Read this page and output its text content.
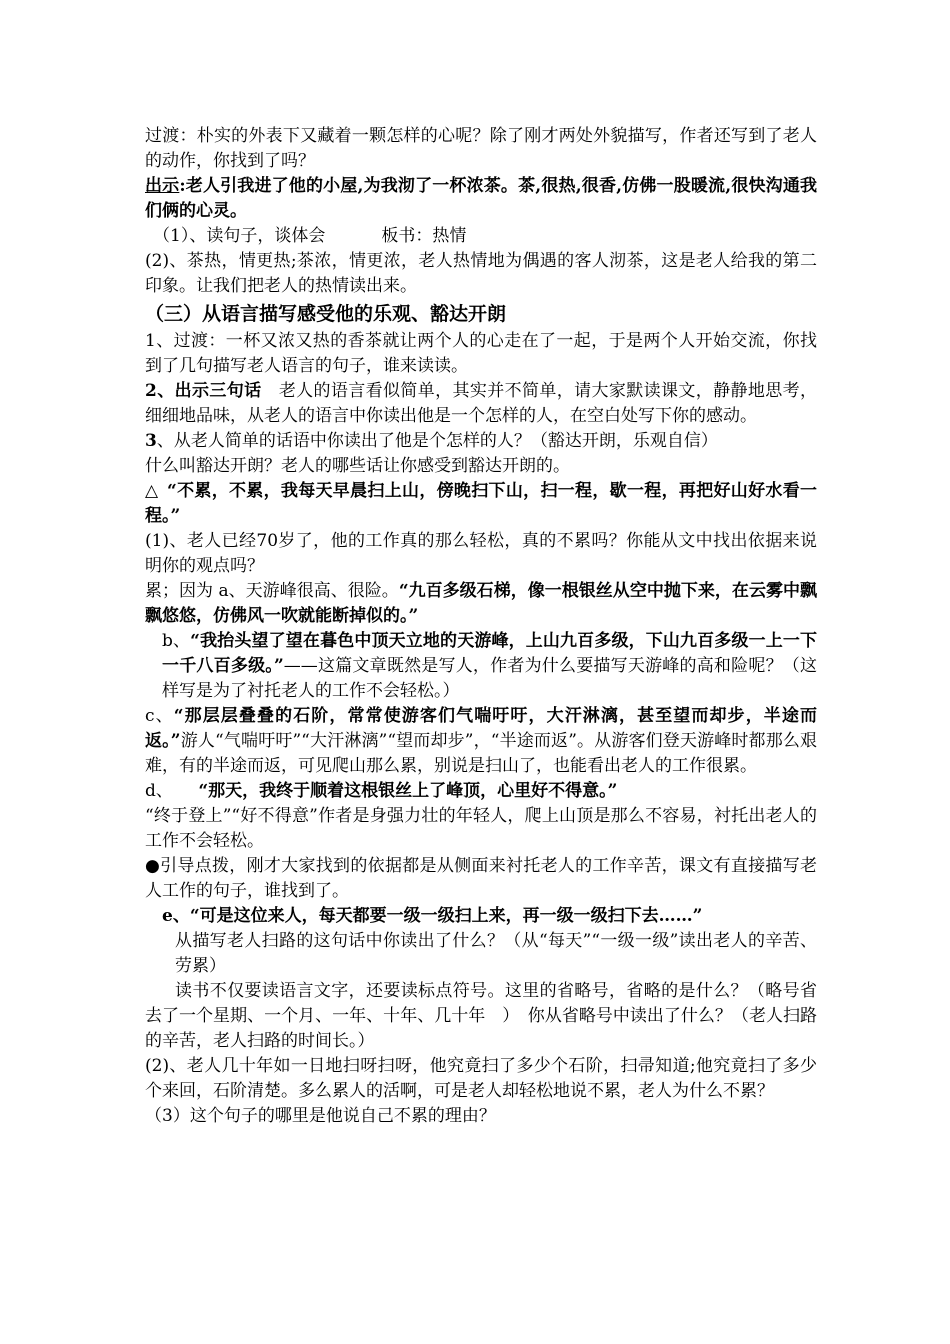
过渡：朴实的外表下又藏着一颗怎样的心呢？除了刚才两处外貌描写，作者还写到了老人的动作，你找到了吗？

出示:老人引我进了他的小屋,为我沏了一杯浓茶。茶,很热,很香,仿佛一股暖流,很快沟通我们俩的心灵。

（1）、读句子，谈体会	板书：热情

(2)、茶热，情更热;茶浓，情更浓，老人热情地为偶遇的客人沏茶，这是老人给我的第二印象。让我们把老人的热情读出来。

（三）从语言描写感受他的乐观、豁达开朗

1、过渡：一杯又浓又热的香茶就让两个人的心走在了一起，于是两个人开始交流，你找到了几句描写老人语言的句子，谁来读读。

2、出示三句话　 老人的语言看似简单，其实并不简单，请大家默读课文，静静地思考，细细地品味，从老人的语言中你读出他是一个怎样的人，在空白处写下你的感动。

3、从老人简单的话语中你读出了他是个怎样的人？（豁达开朗，乐观自信）

什么叫豁达开朗？老人的哪些话让你感受到豁达开朗的。

△ “不累，不累，我每天早晨扫上山，傍晚扫下山，扫一程，歇一程，再把好山好水看一程。”

(1)、老人已经70岁了，他的工作真的那么轻松，真的不累吗？你能从文中找出依据来说明你的观点吗？

累；因为 a、天游峰很高、很险。“九百多级石梯，像一根银丝从空中抛下来，在云雾中飘飘悠悠，仿佛风一吹就能断掉似的。”

b、“我抬头望了望在暮色中顶天立地的天游峰，上山九百多级，下山九百多级一上一下一千八百多级。”——这篇文章既然是写人，作者为什么要描写天游峰的高和险呢？（这样写是为了衬托老人的工作不会轻松。）

c、“那层层叠叠的石阶，常常使游客们气喘吁吁，大汗淋漓，甚至望而却步，半途而返。”游人“气喘吁吁”“大汗淋漓”“望而却步”，“半途而返”。从游客们登天游峰时都那么艰难，有的半途而返，可见爬山那么累，别说是扫山了，也能看出老人的工作很累。

d、　　 “那天，我终于顺着这根银丝上了峰顶，心里好不得意。”

“终于登上”“好不得意”作者是身强力壮的年轻人，爬上山顶是那么不容易，衬托出老人的工作不会轻松。

●引导点拨，刚才大家找到的依据都是从侧面来衬托老人的工作辛苦，课文有直接描写老人工作的句子，谁找到了。

e、“可是这位来人，每天都要一级一级扫上来，再一级一级扫下去……”

从描写老人扫路的这句话中你读出了什么？（从“每天”“一级一级”读出老人的辛苦、劳累）

读书不仅要读语言文字，还要读标点符号。这里的省略号，省略的是什么？（略号省去了一个星期、一个月、一年、十年、几十年　）　你从省略号中读出了什么？（老人扫路的辛苦，老人扫路的时间长。）

(2)、老人几十年如一日地扫呀扫呀，他究竟扫了多少个石阶，扫帚知道;他究竟扫了多少个来回，石阶清楚。多么累人的活啊，可是老人却轻松地说不累，老人为什么不累？

（3）这个句子的哪里是他说自己不累的理由？
